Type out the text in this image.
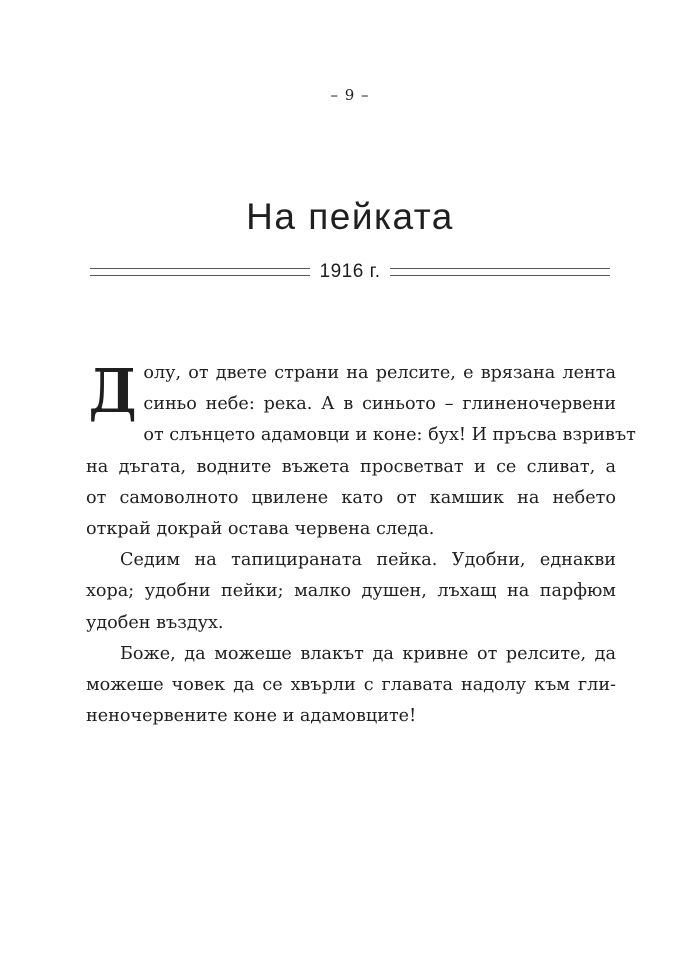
– 9 –
На пейката
1916 г.
Д олу, от двете страни на релсите, е врязана лента
синьо небе: река. А в синьото – глиненочервени
от слънцето адамовци и коне: бух! И пръсва взривът
на дъгата, водните въжета просветват и се сливат, а
от самоволното цвилене като от камшик на небето
открай докрай остава червена следа.
Седим на тапицираната пейка. Удобни, еднакви
хора; удобни пейки; малко душен, лъхащ на парфюм
удобен въздух.
Боже, да можеше влакът да кривне от релсите, да
можеше човек да се хвърли с главата надолу към гли-
неночервените коне и адамовците!
